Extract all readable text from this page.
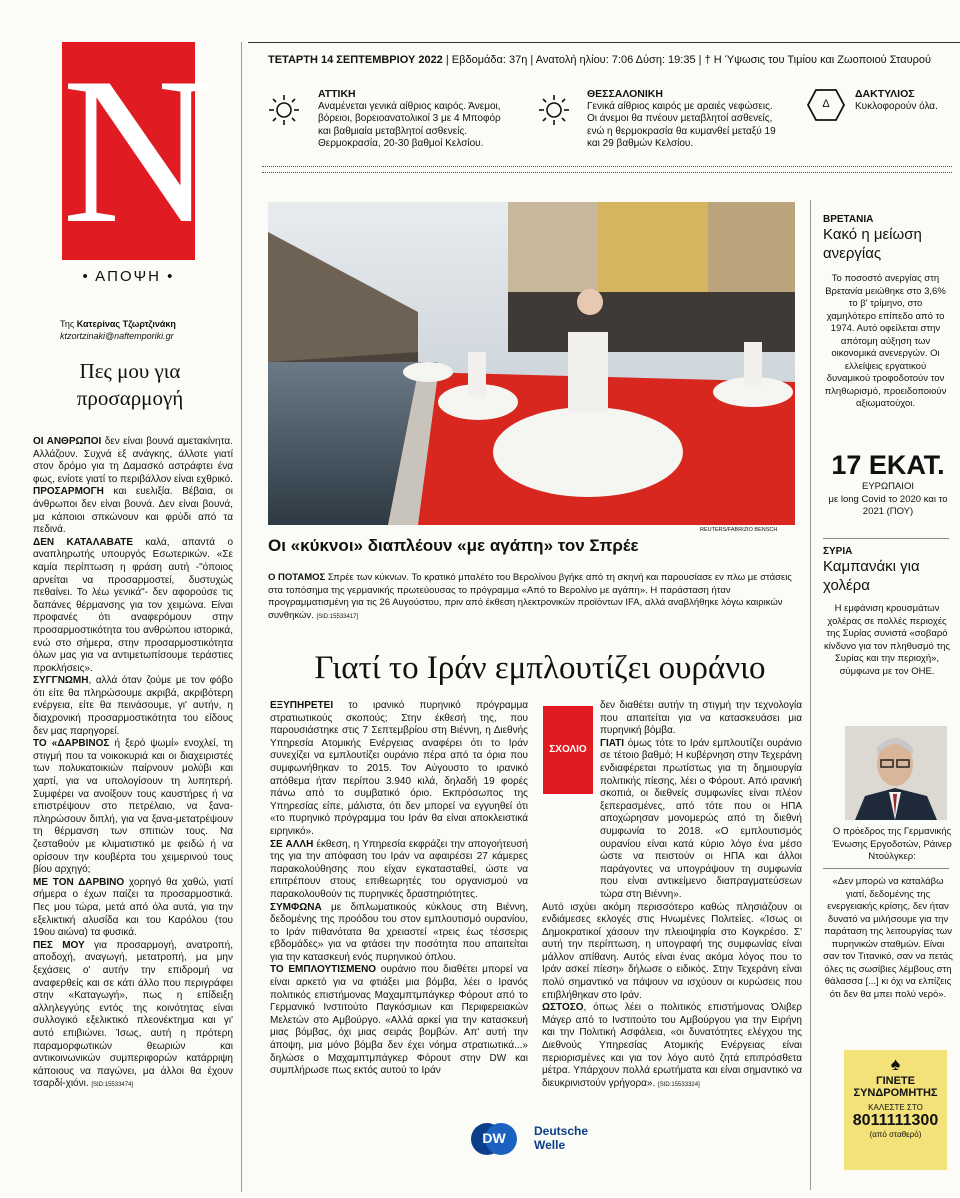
N
• ΑΠΟΨΗ •
Της Κατερίνας Τζωρτζινάκη
ktzortzinaki@naftemporiki.gr
Πες μου για προσαρμογή

ΟΙ ΑΝΘΡΩΠΟΙ δεν είναι βουνά αμετακίνητα. Αλλάζουν. Συχνά εξ ανάγκης, άλλοτε γιατί στον δρόμο για τη Δαμασκό αστράφτει ένα φως, ενίοτε γιατί το περιβάλλον είναι εχθρικό.

ΠΡΟΣΑΡΜΟΓΗ και ευελιξία. Βέβαια, οι άνθρωποι δεν είναι βουνά. Δεν είναι βουνά, μα κάποιοι σπκώνουν και φρύδι από τα πεδινά.

ΔΕΝ ΚΑΤΑΛΑΒΑΤΕ καλά, απαντά ο αναπληρωτής υπουργός Εσωτερικών. «Σε καμία περίπτωση η φράση αυτή -"όποιος αρνείται να προσαρμοστεί, δυστυχώς πεθαίνει. Το λέω γενικά"- δεν αφορούσε τις δαπάνες θέρμανσης για τον χειμώνα. Είναι προφανές ότι αναφερόμουν στην προσαρμοστικότητα του ανθρώπου ιστορικά, ενώ στο σήμερα, στην προσαρμοστικότητα όλων μας για να αντιμετωπίσουμε τεράστιες προκλήσεις».

ΣΥΓΓΝΩΜΗ, αλλά όταν ζούμε με τον φόβο ότι είτε θα πληρώσουμε ακριβά, ακριβότερη ενέργεια, είτε θα πεινάσουμε, γι' αυτήν, η διαχρονική προσαρμοστικότητα του είδους δεν μας παρηγορεί.

ΤΟ «ΔΑΡΒΙΝΟΣ ή ξερό ψωμί» ενοχλεί, τη στιγμή που τα νοικοκυριά και οι διαχειριστές των πολυκατοικιών παίρνουν μολύβι και χαρτί, για να υπολογίσουν τη λυπητερή. Συμφέρει να ανοίξουν τους καυστήρες ή να επιστρέψουν στο πετρέλαιο, να ξανα-πληρώσουν διπλή, για να ξανα-μετατρέψουν τη θέρμανση των σπιτιών τους. Να ζεσταθούν με κλιματιστικό με φειδώ ή να ορίσουν την κουβέρτα του χειμερινού τους βίου αρχηγό;

ΜΕ ΤΟΝ ΔΑΡΒΙΝΟ χορηγό θα χαθώ, γιατί σήμερα ο έχων παίζει τα προσαρμοστικά. Πες μου τώρα, μετά από όλα αυτά, για την εξελικτική αλυσίδα και του Καρόλου (του 19ου αιώνα) τα φυσικά.

ΠΕΣ ΜΟΥ για προσαρμογή, ανατροπή, αποδοχή, αναγωγή, μετατροπή, μα μην ξεχάσεις ο' αυτήν την επιδρομή να αναφερθείς και σε κάτι άλλο που περιγράφει στην «Καταγωγή», πως η επίδειξη αλληλεγγύης εντός της κοινότητας είναι συλλογικό εξελικτικό πλεονέκτημα και γι' αυτό επιβιώνει. Ίσως, αυτή η πρότερη παραμορφωτικών θεωριών και αντικοινωνικών συμπεριφορών κατάρριψη κάποιους να παγώνει, μα άλλοι θα έχουν τσαρδί-χιόνι. [SID:15533474]

ΤΕΤΑΡΤΗ 14 ΣΕΠΤΕΜΒΡΙΟΥ 2022 | Εβδομάδα: 37η | Ανατολή ηλίου: 7:06 Δύση: 19:35 | † Η Ύψωσις του Τιμίου και Ζωοποιού Σταυρού
ΑΤΤΙΚΗ
Αναμένεται γενικά αίθριος καιρός. Άνεμοι, βόρειοι, βορειοανατολικοί 3 με 4 Μποφόρ και βαθμιαία μεταβλητοί ασθενείς. Θερμοκρασία, 20-30 βαθμοί Κελσίου.
ΘΕΣΣΑΛΟΝΙΚΗ
Γενικά αίθριος καιρός με αραιές νεφώσεις. Οι άνεμοι θα πνέουν μεταβλητοί ασθενείς, ενώ η θερμοκρασία θα κυμανθεί μεταξύ 19 και 29 βαθμών Κελσίου.
Δ
ΔΑΚΤΥΛΙΟΣ
Κυκλοφορούν όλα.
REUTERS/FABRIZIO BENSCH
Οι «κύκνοι» διαπλέουν «με αγάπη» τον Σπρέε
Ο ΠΟΤΑΜΟΣ Σπρέε των κύκνων. Το κρατικό μπαλέτο του Βερολίνου βγήκε από τη σκηνή και παρουσίασε εν πλω με στάσεις στα τοπόσημα της γερμανικής πρωτεύουσας το πρόγραμμα «Από το Βερολίνο με αγάπη». Η παράσταση ήταν προγραμματισμένη για τις 26 Αυγούστου, πριν από έκθεση ηλεκτρονικών προϊόντων IFA, αλλά αναβλήθηκε λόγω καιρικών συνθηκών. [SID:15533417]
Γιατί το Ιράν εμπλουτίζει ουράνιο

ΕΞΥΠΗΡΕΤΕΙ το ιρανικό πυρηνικό πρόγραμμα στρατιωτικούς σκοπούς; Στην έκθεσή της, που παρουσιάστηκε στις 7 Σεπτεμβρίου στη Βιέννη, η Διεθνής Υπηρεσία Ατομικής Ενέργειας αναφέρει ότι το Ιράν συνεχίζει να εμπλουτίζει ουράνιο πέρα από τα όρια που συμφωνήθηκαν το 2015. Τον Αύγουστο το ιρανικό απόθεμα ήταν περίπου 3.940 κιλά, δηλαδή 19 φορές πάνω από το συμβατικό όριο. Εκπρόσωπος της Υπηρεσίας είπε, μάλιστα, ότι δεν μπορεί να εγγυηθεί ότι «το πυρηνικό πρόγραμμα του Ιράν θα είναι αποκλειστικά ειρηνικό».

ΣΕ ΑΛΛΗ έκθεση, η Υπηρεσία εκφράζει την απογοήτευσή της για την απόφαση του Ιράν να αφαιρέσει 27 κάμερες παρακολούθησης που είχαν εγκατασταθεί, ώστε να επιτρέπουν στους επιθεωρητές του οργανισμού να παρακολουθούν τις πυρηνικές δραστηριότητες.

ΣΥΜΦΩΝΑ με διπλωματικούς κύκλους στη Βιέννη, δεδομένης της προόδου του στον εμπλουτισμό ουρανίου, το Ιράν πιθανότατα θα χρειαστεί «τρεις έως τέσσερις εβδομάδες» για να φτάσει την ποσότητα που απαιτείται για την κατασκευή ενός πυρηνικού όπλου.

ΤΟ ΕΜΠΛΟΥΤΙΣΜΕΝΟ ουράνιο που διαθέτει μπορεί να είναι αρκετό για να φτιάξει μια βόμβα, λέει ο Ιρανός πολιτικός επιστήμονας Μαχαμπτμπάγκερ Φόρουτ από το Γερμανικό Ινστιτούτο Παγκόσμιων και Περιφερειακών Μελετών στο Αμβούργο. «Αλλά αρκεί για την κατασκευή μιας βόμβας, όχι μιας σειράς βομβών. Απ' αυτή την άποψη, μια μόνο βόμβα δεν έχει νόημα στρατιωτικά...» δηλώσε ο Μαχαμπτμπάγκερ Φόρουτ στην DW και συμπλήρωσε πως εκτός αυτού το Ιράν

ΣΧΟΛΙΟ

δεν διαθέτει αυτήν τη στιγμή την τεχνολογία που απαιτείται για να κατασκευάσει μια πυρηνική βόμβα.

ΓΙΑΤΙ όμως τότε το Ιράν εμπλουτίζει ουράνιο σε τέτοιο βαθμό; Η κυβέρνηση στην Τεχεράνη ενδιαφέρεται πρωτίστως για τη δημιουργία πολιτικής πίεσης, λέει ο Φόρουτ. Από ιρανική σκοπιά, οι διεθνείς συμφωνίες είναι πλέον ξεπερασμένες, από τότε που οι ΗΠΑ αποχώρησαν μονομερώς από τη διεθνή συμφωνία το 2018. «Ο εμπλουτισμός ουρανίου είναι κατά κύριο λόγο ένα μέσο ώστε να πειστούν οι ΗΠΑ και άλλοι παράγοντες να υπογράψουν τη συμφωνία που είναι αντικείμενο διαπραγματεύσεων τώρα στη Βιέννη».

Αυτό ισχύει ακόμη περισσότερο καθώς πλησιάζουν οι ενδιάμεσες εκλογές στις Ηνωμένες Πολιτείες. «Ίσως οι Δημοκρατικοί χάσουν την πλειοψηφία στο Κογκρέσο. Σ' αυτή την περίπτωση, η υπογραφή της συμφωνίας είναι μάλλον απίθανη. Αυτός είναι ένας ακόμα λόγος που το Ιράν ασκεί πίεση» δήλωσε ο ειδικός. Στην Τεχεράνη είναι πολύ σημαντικό να πάψουν να ισχύουν οι κυρώσεις που επιβλήθηκαν στο Ιράν.

ΩΣΤΟΣΟ, όπως λέει ο πολιτικός επιστήμονας Όλιβερ Μάγερ από το Ινστιτούτο του Αμβούργου για την Ειρήνη και την Πολιτική Ασφάλεια, «οι δυνατότητες ελέγχου της Διεθνούς Υπηρεσίας Ατομικής Ενέργειας είναι περιορισμένες και για τον λόγο αυτό ζητά επιπρόσθετα μέτρα. Υπάρχουν πολλά ερωτήματα και είναι σημαντικό να διευκρινιστούν γρήγορα». [SID:15533324]

DW	Deutsche Welle
ΒΡΕΤΑΝΙΑ
Κακό η μείωση ανεργίας
Το ποσοστό ανεργίας στη Βρετανία μειώθηκε στο 3,6% το β' τρίμηνο, στο χαμηλότερο επίπεδο από το 1974. Αυτό οφείλεται στην απότομη αύξηση των οικονομικά ανενεργών. Οι ελλείψεις εργατικού δυναμικού τροφοδοτούν τον πληθωρισμό, προειδοποιούν αξιωματούχοι.
17 ΕΚΑΤ.
ΕΥΡΩΠΑΙΟΙ
με long Covid το 2020 και το 2021 (ΠΟΥ)
ΣΥΡΙΑ
Καμπανάκι για χολέρα
Η εμφάνιση κρουσμάτων χολέρας σε πολλές περιοχές της Συρίας συνιστά «σοβαρό κίνδυνο για τον πληθυσμό της Συρίας και την περιοχή», σύμφωνα με τον ΟΗΕ.
Ο πρόεδρος της Γερμανικής Ένωσης Εργοδοτών, Ράινερ Ντούλγκερ:
«Δεν μπορώ να καταλάβω γιατί, δεδομένης της ενεργειακής κρίσης, δεν ήταν δυνατό να μιλήσουμε για την παράταση της λειτουργίας των πυρηνικών σταθμών. Είναι σαν τον Τιτανικό, σαν να πετάς όλες τις σωσίβιες λέμβους στη θάλασσα [...] κι όχι να ελπίζεις ότι δεν θα μπει πολύ νερό».
♠
ΓΙΝΕΤΕ ΣΥΝΔΡΟΜΗΤΗΣ
ΚΑΛΕΣΤΕ ΣΤΟ
8011111300
(από σταθερό)
